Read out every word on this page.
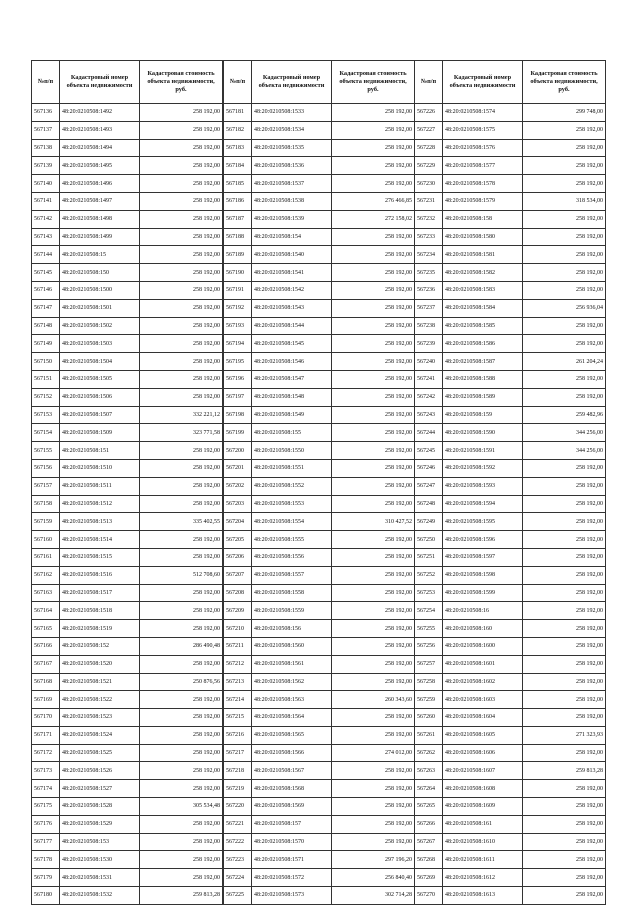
№п/п	Кадастровый номер объекта недвижимости	Кадастровая стоимость объекта недвижимости, руб.
567136	48:20:0210508:1492	258 192,00
567137	48:20:0210508:1493	258 192,00
567138	48:20:0210508:1494	258 192,00
567139	48:20:0210508:1495	258 192,00
567140	48:20:0210508:1496	258 192,00
567141	48:20:0210508:1497	258 192,00
567142	48:20:0210508:1498	258 192,00
567143	48:20:0210508:1499	258 192,00
567144	48:20:0210508:15	258 192,00
567145	48:20:0210508:150	258 192,00
567146	48:20:0210508:1500	258 192,00
567147	48:20:0210508:1501	258 192,00
567148	48:20:0210508:1502	258 192,00
567149	48:20:0210508:1503	258 192,00
567150	48:20:0210508:1504	258 192,00
567151	48:20:0210508:1505	258 192,00
567152	48:20:0210508:1506	258 192,00
567153	48:20:0210508:1507	332 221,12
567154	48:20:0210508:1509	323 771,58
567155	48:20:0210508:151	258 192,00
567156	48:20:0210508:1510	258 192,00
567157	48:20:0210508:1511	258 192,00
567158	48:20:0210508:1512	258 192,00
567159	48:20:0210508:1513	335 402,55
567160	48:20:0210508:1514	258 192,00
567161	48:20:0210508:1515	258 192,00
567162	48:20:0210508:1516	512 708,60
567163	48:20:0210508:1517	258 192,00
567164	48:20:0210508:1518	258 192,00
567165	48:20:0210508:1519	258 192,00
567166	48:20:0210508:152	286 490,48
567167	48:20:0210508:1520	258 192,00
567168	48:20:0210508:1521	250 876,56
567169	48:20:0210508:1522	258 192,00
567170	48:20:0210508:1523	258 192,00
567171	48:20:0210508:1524	258 192,00
567172	48:20:0210508:1525	258 192,00
567173	48:20:0210508:1526	258 192,00
567174	48:20:0210508:1527	258 192,00
567175	48:20:0210508:1528	305 534,48
567176	48:20:0210508:1529	258 192,00
567177	48:20:0210508:153	258 192,00
567178	48:20:0210508:1530	258 192,00
567179	48:20:0210508:1531	258 192,00
567180	48:20:0210508:1532	259 813,28
№п/п	Кадастровый номер объекта недвижимости	Кадастровая стоимость объекта недвижимости, руб.
567181	48:20:0210508:1533	258 192,00
567182	48:20:0210508:1534	258 192,00
567183	48:20:0210508:1535	258 192,00
567184	48:20:0210508:1536	258 192,00
567185	48:20:0210508:1537	258 192,00
567186	48:20:0210508:1538	276 466,85
567187	48:20:0210508:1539	272 158,02
567188	48:20:0210508:154	258 192,00
567189	48:20:0210508:1540	258 192,00
567190	48:20:0210508:1541	258 192,00
567191	48:20:0210508:1542	258 192,00
567192	48:20:0210508:1543	258 192,00
567193	48:20:0210508:1544	258 192,00
567194	48:20:0210508:1545	258 192,00
567195	48:20:0210508:1546	258 192,00
567196	48:20:0210508:1547	258 192,00
567197	48:20:0210508:1548	258 192,00
567198	48:20:0210508:1549	258 192,00
567199	48:20:0210508:155	258 192,00
567200	48:20:0210508:1550	258 192,00
567201	48:20:0210508:1551	258 192,00
567202	48:20:0210508:1552	258 192,00
567203	48:20:0210508:1553	258 192,00
567204	48:20:0210508:1554	310 427,52
567205	48:20:0210508:1555	258 192,00
567206	48:20:0210508:1556	258 192,00
567207	48:20:0210508:1557	258 192,00
567208	48:20:0210508:1558	258 192,00
567209	48:20:0210508:1559	258 192,00
567210	48:20:0210508:156	258 192,00
567211	48:20:0210508:1560	258 192,00
567212	48:20:0210508:1561	258 192,00
567213	48:20:0210508:1562	258 192,00
567214	48:20:0210508:1563	260 343,60
567215	48:20:0210508:1564	258 192,00
567216	48:20:0210508:1565	258 192,00
567217	48:20:0210508:1566	274 012,00
567218	48:20:0210508:1567	258 192,00
567219	48:20:0210508:1568	258 192,00
567220	48:20:0210508:1569	258 192,00
567221	48:20:0210508:157	258 192,00
567222	48:20:0210508:1570	258 192,00
567223	48:20:0210508:1571	297 196,20
567224	48:20:0210508:1572	256 840,40
567225	48:20:0210508:1573	302 714,28
№п/п	Кадастровый номер объекта недвижимости	Кадастровая стоимость объекта недвижимости, руб.
567226	48:20:0210508:1574	299 748,00
567227	48:20:0210508:1575	258 192,00
567228	48:20:0210508:1576	258 192,00
567229	48:20:0210508:1577	258 192,00
567230	48:20:0210508:1578	258 192,00
567231	48:20:0210508:1579	318 534,00
567232	48:20:0210508:158	258 192,00
567233	48:20:0210508:1580	258 192,00
567234	48:20:0210508:1581	258 192,00
567235	48:20:0210508:1582	258 192,00
567236	48:20:0210508:1583	258 192,00
567237	48:20:0210508:1584	256 936,04
567238	48:20:0210508:1585	258 192,00
567239	48:20:0210508:1586	258 192,00
567240	48:20:0210508:1587	261 204,24
567241	48:20:0210508:1588	258 192,00
567242	48:20:0210508:1589	258 192,00
567243	48:20:0210508:159	259 482,96
567244	48:20:0210508:1590	344 256,00
567245	48:20:0210508:1591	344 256,00
567246	48:20:0210508:1592	258 192,00
567247	48:20:0210508:1593	258 192,00
567248	48:20:0210508:1594	258 192,00
567249	48:20:0210508:1595	258 192,00
567250	48:20:0210508:1596	258 192,00
567251	48:20:0210508:1597	258 192,00
567252	48:20:0210508:1598	258 192,00
567253	48:20:0210508:1599	258 192,00
567254	48:20:0210508:16	258 192,00
567255	48:20:0210508:160	258 192,00
567256	48:20:0210508:1600	258 192,00
567257	48:20:0210508:1601	258 192,00
567258	48:20:0210508:1602	258 192,00
567259	48:20:0210508:1603	258 192,00
567260	48:20:0210508:1604	258 192,00
567261	48:20:0210508:1605	271 323,93
567262	48:20:0210508:1606	258 192,00
567263	48:20:0210508:1607	259 813,28
567264	48:20:0210508:1608	258 192,00
567265	48:20:0210508:1609	258 192,00
567266	48:20:0210508:161	258 192,00
567267	48:20:0210508:1610	258 192,00
567268	48:20:0210508:1611	258 192,00
567269	48:20:0210508:1612	258 192,00
567270	48:20:0210508:1613	258 192,00
